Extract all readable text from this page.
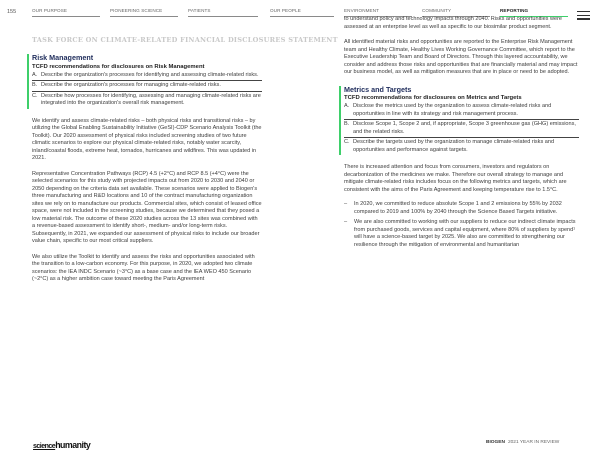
155	OUR PURPOSE	PIONEERING SCIENCE	PATIENTS	OUR PEOPLE	ENVIRONMENT	COMMUNITY	REPORTING
TASK FORCE ON CLIMATE-RELATED FINANCIAL DISCLOSURES STATEMENT
Risk Management
TCFD recommendations for disclosures on Risk Management
A. Describe the organization's processes for identifying and assessing climate-related risks.
B. Describe the organization's processes for managing climate-related risks.
C. Describe how processes for identifying, assessing and managing climate-related risks are integrated into the organization's overall risk management.

We identify and assess climate-related risks – both physical risks and transitional risks – by utilizing the Global Enabling Sustainability Initiative (GeSI)-CDP Scenario Analysis Toolkit (the Toolkit). Our 2020 assessment of physical risks included screening studies of two future climatic scenarios to explore our physical climate-related risks, notably water scarcity, inland/coastal floods, extreme heat, tornados, hurricanes and wildfires. This was updated in 2021.

Representative Concentration Pathways (RCP) 4.5 (+2°C) and RCP 8.5 (+4°C) were the selected scenarios for this study with projected impacts out from 2020 to 2030 and 2040 or 2050 depending on the criteria data set available. These scenarios were applied to Biogen's three manufacturing and R&D locations and 10 of the contract manufacturing organization sites we rely on to manufacture our products. Commercial sites, which consist of leased office space, were not included in the screening studies, because we determined that they posed a low material risk. The outcome of these 2020 studies across the 13 sites was combined with a revenue-based assessment to identify short-, medium- and/or long-term risks. Subsequently, in 2021, we expanded our assessment of physical risks to include our broader value chain, specific to our most critical suppliers.

We also utilize the Toolkit to identify and assess the risks and opportunities associated with the transition to a low-carbon economy. For this purpose, in 2020, we adopted two climate scenarios: the IEA INDC Scenario (~3°C) as a base case and the IEA WEO 450 Scenario (~2°C) as a higher ambition case toward meeting the Paris Agreement

to understand policy and technology impacts through 2040. Risks and opportunities were assessed at an enterprise level as well as specific to our biosimilar product segment.

All identified material risks and opportunities are reported to the Enterprise Risk Management team and Healthy Climate, Healthy Lives Working Governance Committee, which report to the Executive Leadership Team and Board of Directors. Through this layered accountability, we consider and address those risks and opportunities that are financially material and may impact our business model, as well as mitigation measures that are in place or need to be adopted.

Metrics and Targets
TCFD recommendations for disclosures on Metrics and Targets
A. Disclose the metrics used by the organization to assess climate-related risks and opportunities in line with its strategy and risk management process.
B. Disclose Scope 1, Scope 2 and, if appropriate, Scope 3 greenhouse gas (GHG) emissions, and the related risks.
C. Describe the targets used by the organization to manage climate-related risks and opportunities and performance against targets.

There is increased attention and focus from consumers, investors and regulators on decarbonization of the medicines we make. Therefore our overall strategy to manage and mitigate climate-related risks includes focus on the following metrics and targets, which are consistent with the aims of the Paris Agreement and keeping temperature rise to 1.5°C.

–	In 2020, we committed to reduce absolute Scope 1 and 2 emissions by 55% by 2032 compared to 2019 and 100% by 2040 through the Science Based Targets initiative.
–	We are also committed to working with our suppliers to reduce our indirect climate impacts from purchased goods, services and capital equipment, where 80% of suppliers by spend¹ will have a science-based target by 2025. We also are committed to strengthening our resilience through the mitigation of environmental and humanitarian
sciencehumanity	BIOGEN 2021 YEAR IN REVIEW
